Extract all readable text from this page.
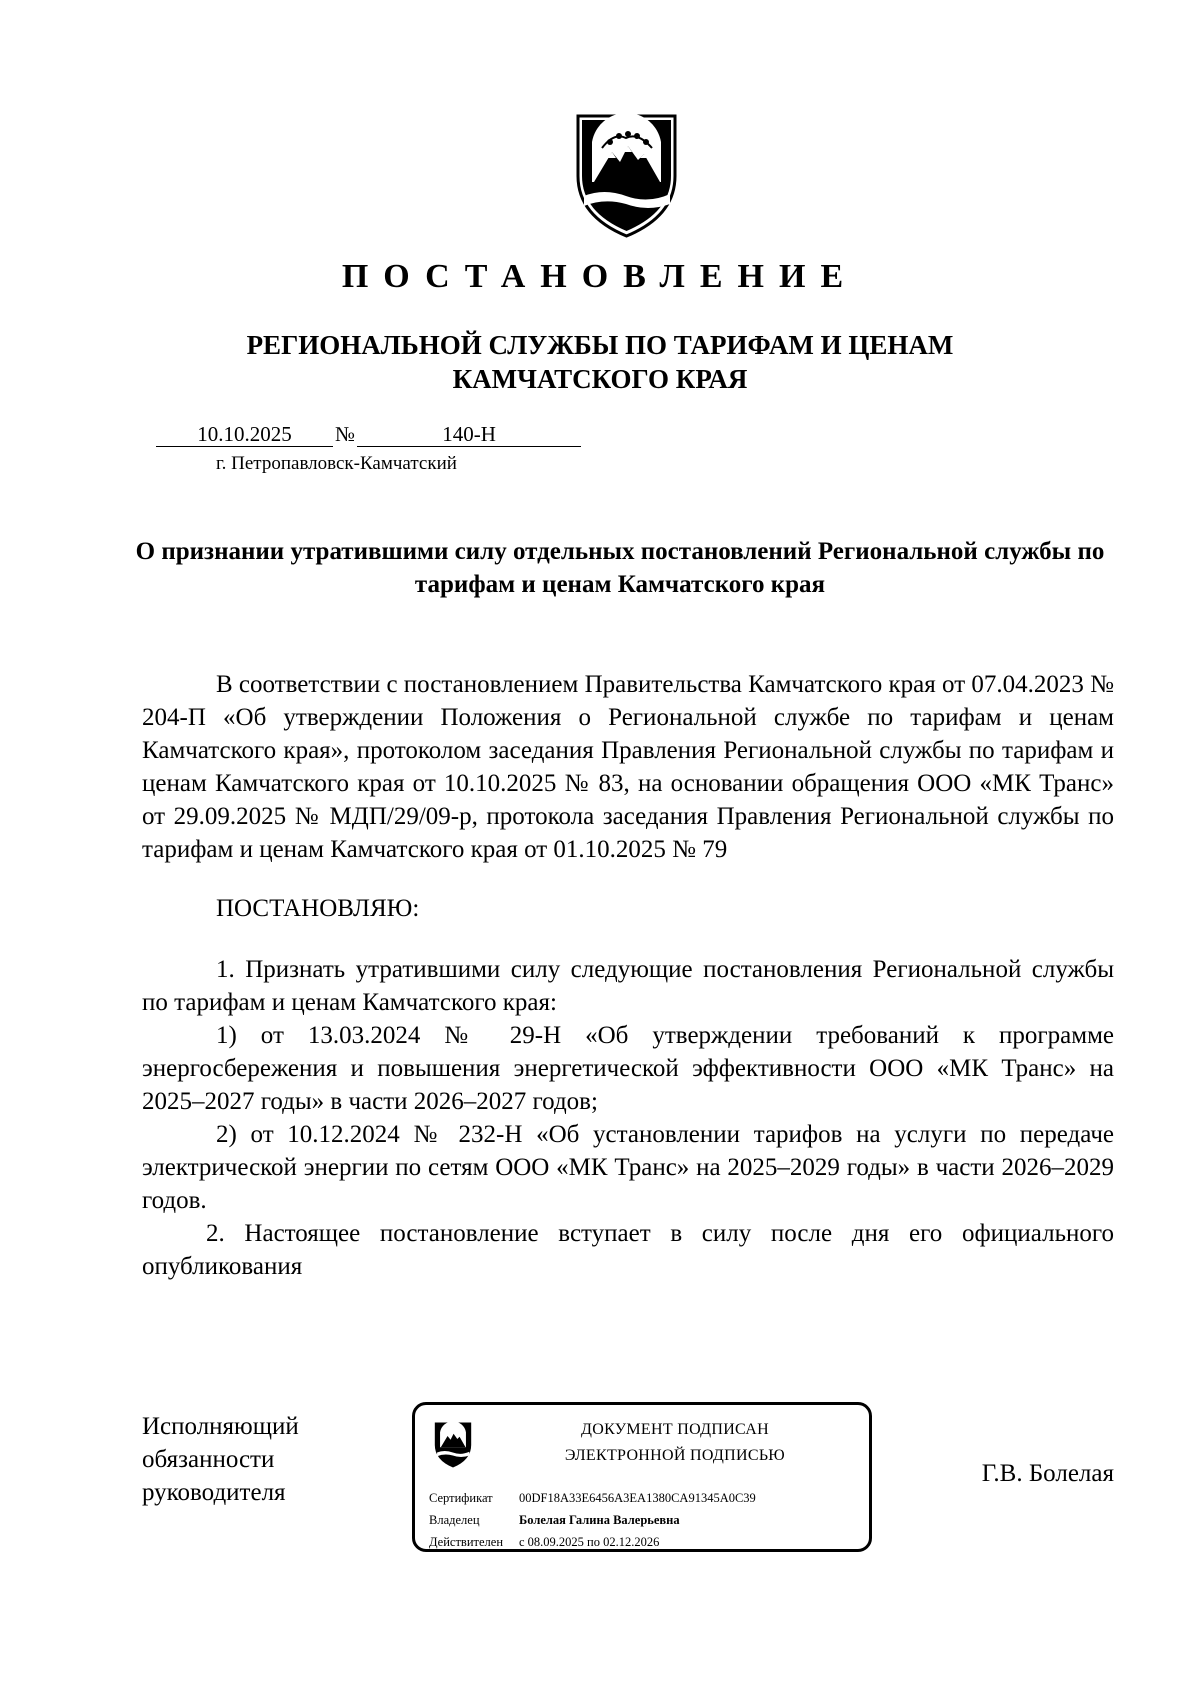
ПОСТАНОВЛЕНИЕ
РЕГИОНАЛЬНОЙ СЛУЖБЫ ПО ТАРИФАМ И ЦЕНАМ
КАМЧАТСКОГО КРАЯ
10.10.2025 №	140-Н
г. Петропавловск-Камчатский
О признании утратившими силу отдельных постановлений Региональной службы по тарифам и ценам Камчатского края

В соответствии с постановлением Правительства Камчатского края от 07.04.2023 № 204-П «Об утверждении Положения о Региональной службе по тарифам и ценам Камчатского края», протоколом заседания Правления Региональной службы по тарифам и ценам Камчатского края от 10.10.2025 № 83, на основании обращения ООО «МК Транс» от 29.09.2025 № МДП/29/09-р, протокола заседания Правления Региональной службы по тарифам и ценам Камчатского края от 01.10.2025 № 79

ПОСТАНОВЛЯЮ:

1. Признать утратившими силу следующие постановления Региональной службы по тарифам и ценам Камчатского края:

1) от 13.03.2024 № 29-Н «Об утверждении требований к программе энергосбережения и повышения энергетической эффективности ООО «МК Транс» на 2025–2027 годы» в части 2026–2027 годов;

2) от 10.12.2024 № 232-Н «Об установлении тарифов на услуги по передаче электрической энергии по сетям ООО «МК Транс» на 2025–2029 годы» в части 2026–2029 годов.

2. Настоящее постановление вступает в силу после дня его официального опубликования

Исполняющий
обязанности
руководителя
ДОКУМЕНТ ПОДПИСАН
ЭЛЕКТРОННОЙ ПОДПИСЬЮ
Сертификат 00DF18A33E6456A3EA1380CA91345A0C39
Владелец	Болелая Галина Валерьевна
Действителен с 08.09.2025 по 02.12.2026
Г.В. Болелая
